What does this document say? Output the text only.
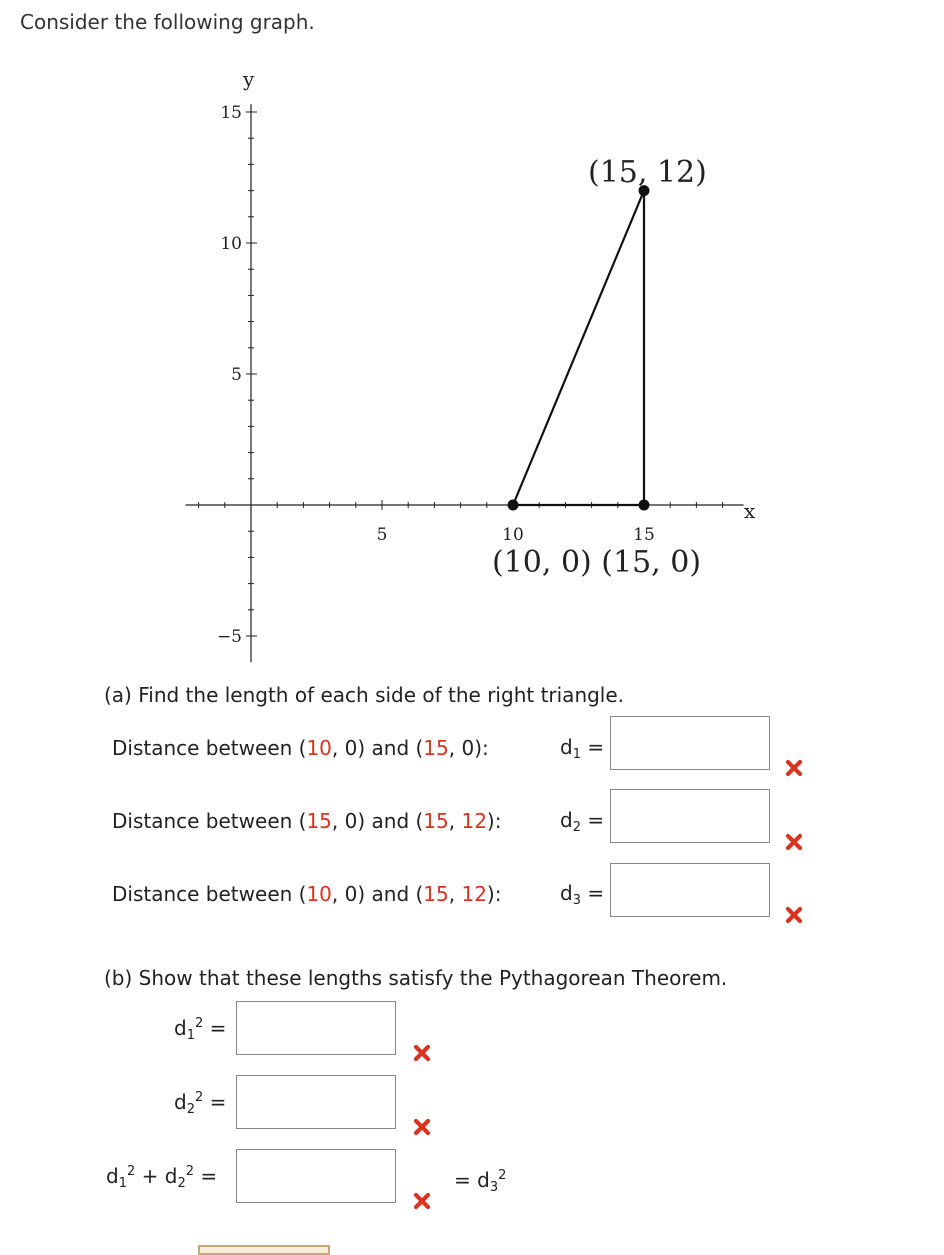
Consider the following graph.
5	10	15
15
10
5
−5
(15, 12)
(10, 0) (15, 0)
y
x
(a) Find the length of each side of the right triangle.
Distance between (10, 0) and (15, 0):	$d_1$ =
Distance between (15, 0) and (15, 12):	$d_2$ =
Distance between (10, 0) and (15, 12):	$d_3$ =
(b) Show that these lengths satisfy the Pythagorean Theorem.
$d_1^2$ =
$d_2^2$ =
$d_1^2 + d_2^2$ =	= $d_3^2$
